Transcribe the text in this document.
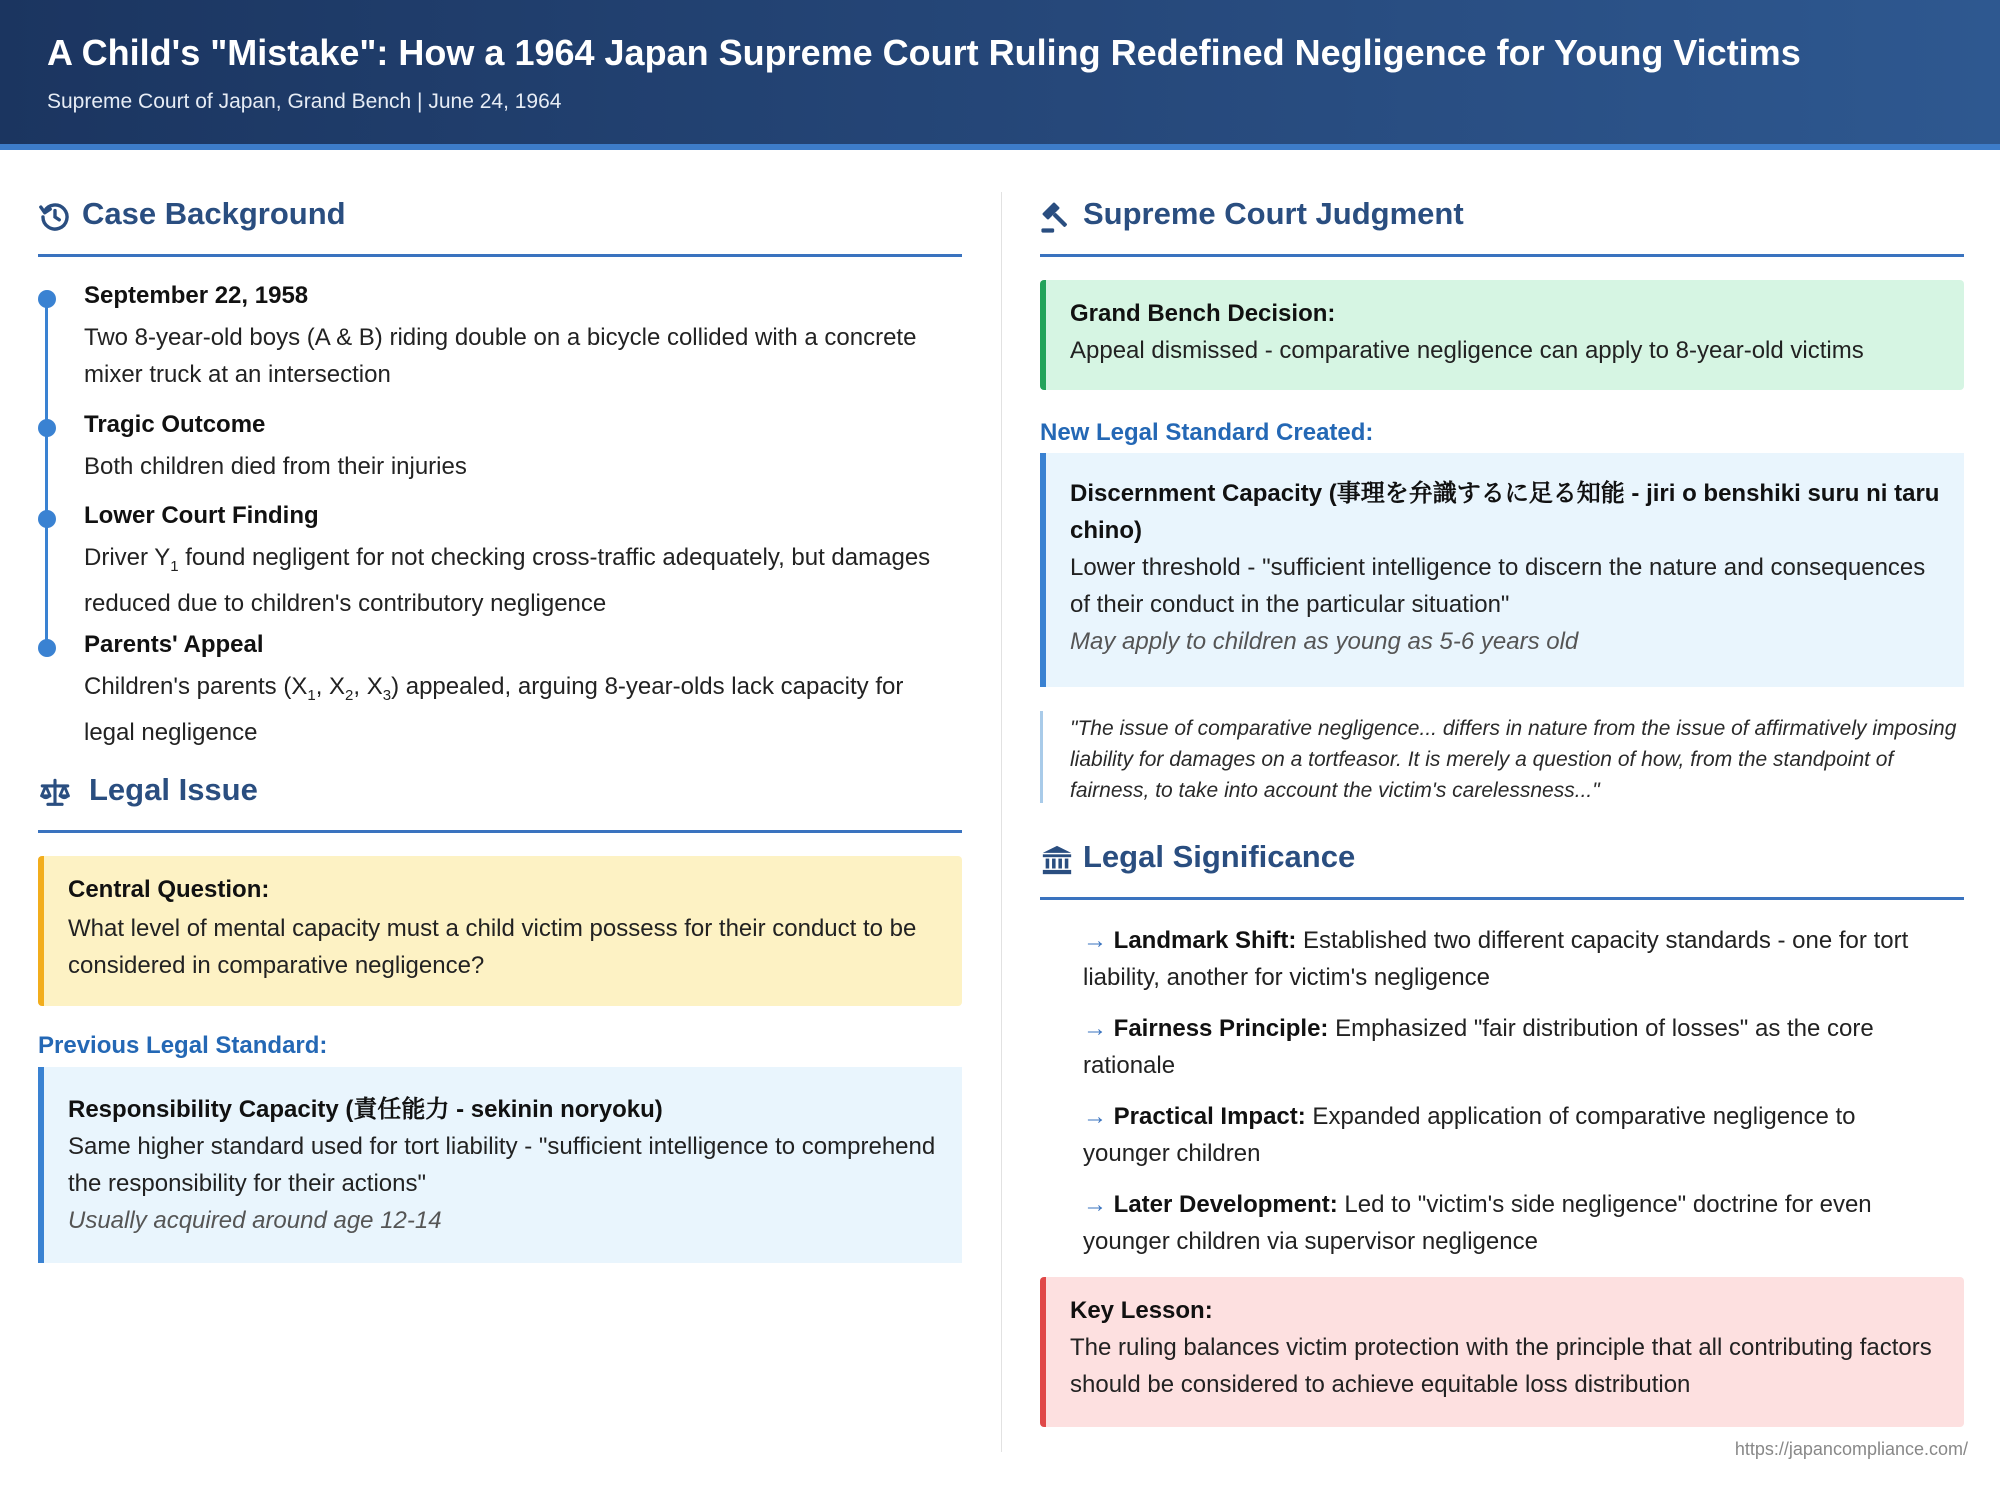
A Child's "Mistake": How a 1964 Japan Supreme Court Ruling Redefined Negligence for Young Victims
Supreme Court of Japan, Grand Bench | June 24, 1964
Case Background
September 22, 1958
Two 8-year-old boys (A & B) riding double on a bicycle collided with a concrete mixer truck at an intersection
Tragic Outcome
Both children died from their injuries
Lower Court Finding
Driver $Y_1$ found negligent for not checking cross-traffic adequately, but damages reduced due to children's contributory negligence
Parents' Appeal
Children's parents ($X_1$, $X_2$, $X_3$) appealed, arguing 8-year-olds lack capacity for legal negligence
Legal Issue
Central Question:
What level of mental capacity must a child victim possess for their conduct to be considered in comparative negligence?
Previous Legal Standard:
Responsibility Capacity (責任能力 - sekinin noryoku)
Same higher standard used for tort liability - "sufficient intelligence to comprehend the responsibility for their actions"
Usually acquired around age 12-14
Supreme Court Judgment
Grand Bench Decision:
Appeal dismissed - comparative negligence can apply to 8-year-old victims
New Legal Standard Created:
Discernment Capacity (事理を弁識するに足る知能 - jiri o benshiki suru ni taru chino)
Lower threshold - "sufficient intelligence to discern the nature and consequences of their conduct in the particular situation"
May apply to children as young as 5-6 years old
"The issue of comparative negligence... differs in nature from the issue of affirmatively imposing liability for damages on a tortfeasor. It is merely a question of how, from the standpoint of fairness, to take into account the victim's carelessness..."
Legal Significance
→ Landmark Shift: Established two different capacity standards - one for tort liability, another for victim's negligence
→ Fairness Principle: Emphasized "fair distribution of losses" as the core rationale
→ Practical Impact: Expanded application of comparative negligence to younger children
→ Later Development: Led to "victim's side negligence" doctrine for even younger children via supervisor negligence
Key Lesson:
The ruling balances victim protection with the principle that all contributing factors should be considered to achieve equitable loss distribution
https://japancompliance.com/
